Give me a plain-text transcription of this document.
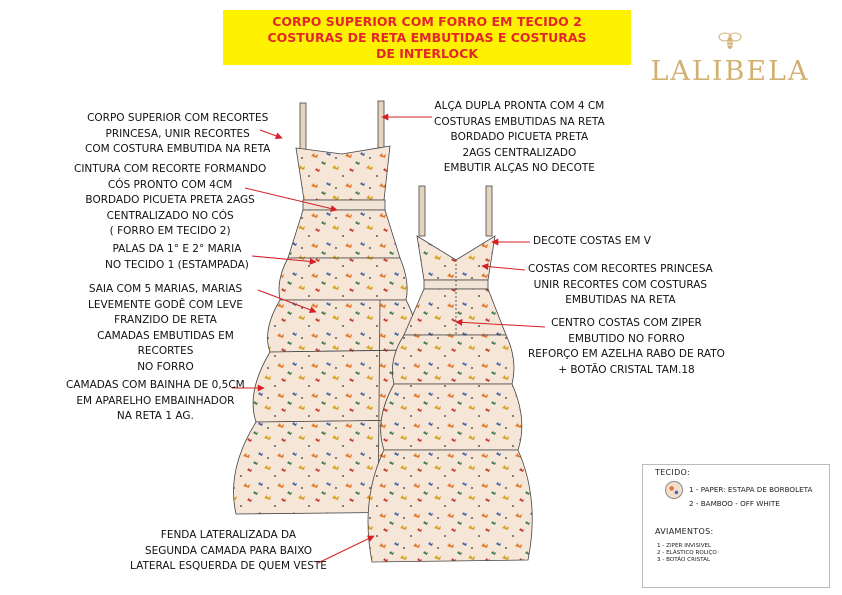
CORPO SUPERIOR COM FORRO EM TECIDO 2
COSTURAS DE RETA EMBUTIDAS E COSTURAS
DE INTERLOCK
LALIBELA
CORPO SUPERIOR COM RECORTES
PRINCESA, UNIR RECORTES
COM COSTURA EMBUTIDA NA RETA
CINTURA COM RECORTE FORMANDO
CÓS PRONTO COM 4CM
BORDADO PICUETA PRETA 2AGS
CENTRALIZADO NO CÓS
( FORRO EM TECIDO 2)
PALAS DA 1° E 2° MARIA
NO TECIDO 1 (ESTAMPADA)
SAIA COM 5 MARIAS, MARIAS
LEVEMENTE GODÊ COM LEVE
FRANZIDO DE RETA
CAMADAS EMBUTIDAS EM
RECORTES
NO FORRO
CAMADAS COM BAINHA DE 0,5CM
EM APARELHO EMBAINHADOR
NA RETA 1 AG.
FENDA LATERALIZADA DA
SEGUNDA CAMADA PARA BAIXO
LATERAL ESQUERDA DE QUEM VESTE
ALÇA DUPLA PRONTA COM 4 CM
COSTURAS EMBUTIDAS NA RETA
BORDADO PICUETA PRETA
2AGS CENTRALIZADO
EMBUTIR ALÇAS NO DECOTE
DECOTE COSTAS EM V
COSTAS COM RECORTES PRINCESA
UNIR RECORTES COM COSTURAS
EMBUTIDAS NA RETA
CENTRO COSTAS COM ZIPER
EMBUTIDO NO FORRO
REFORÇO EM AZELHA RABO DE RATO
+ BOTÃO CRISTAL TAM.18
TECIDO:
1 - PAPER: ESTAPA DE BORBOLETA
2 - BAMBOO - OFF WHITE
AVIAMENTOS:
1 - ZIPER INVISIVEL
2 - ELÁSTICO ROLIÇO
3 - BOTÃO CRISTAL
